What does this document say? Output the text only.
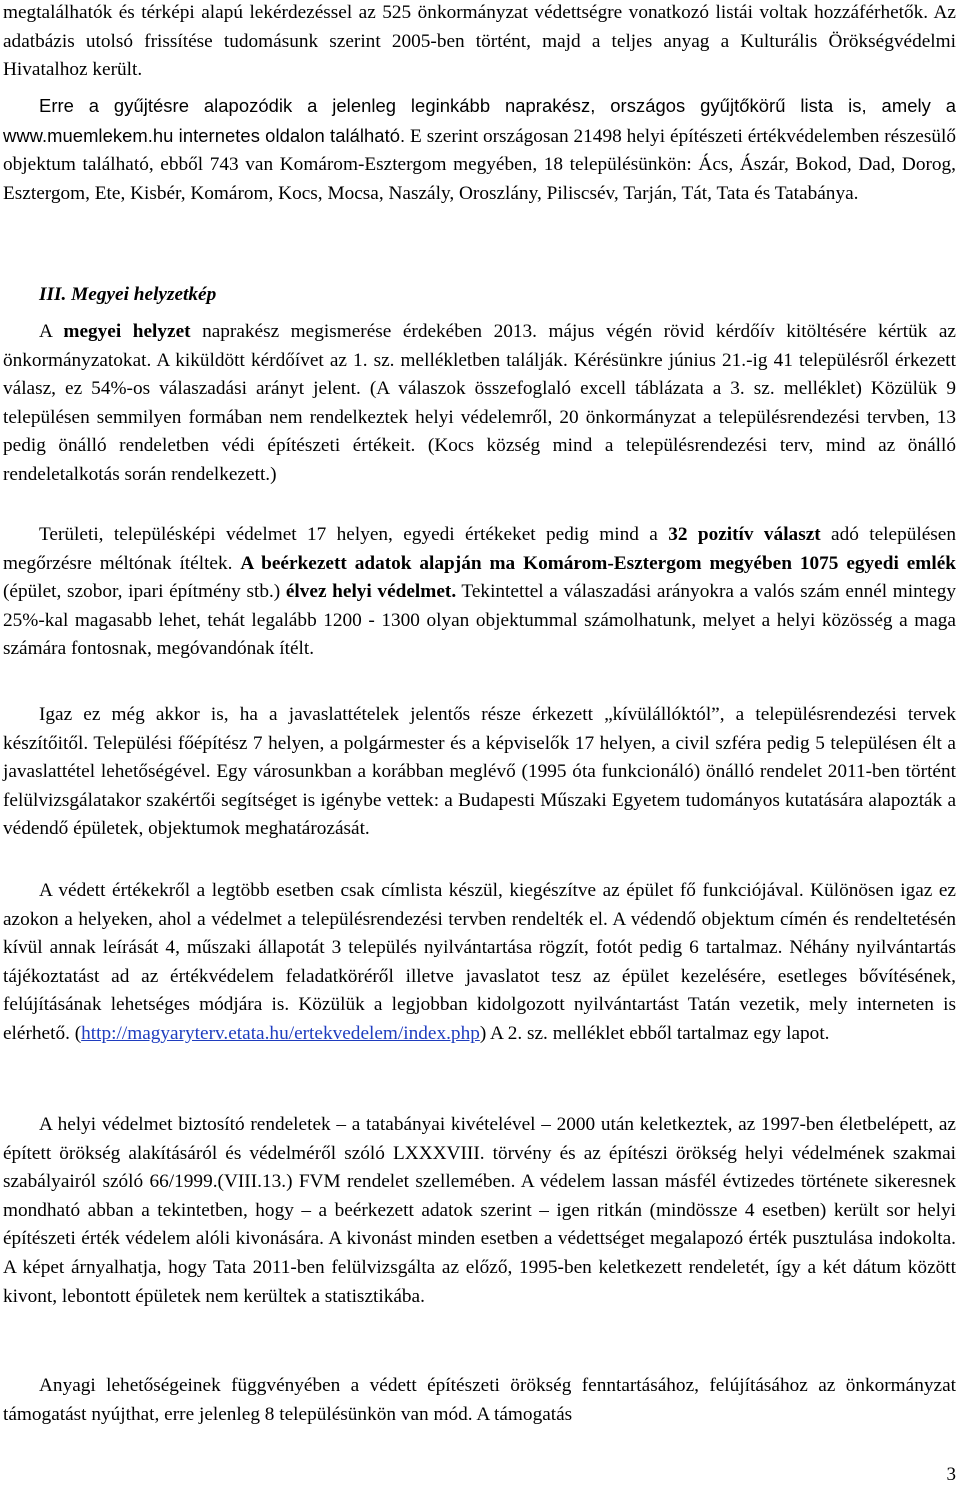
megtalálhatók és térképi alapú lekérdezéssel az 525 önkormányzat védettségre vonatkozó listái voltak hozzáférhetők. Az adatbázis utolsó frissítése tudomásunk szerint 2005-ben történt, majd a teljes anyag a Kulturális Örökségvédelmi Hivatalhoz került.

Erre a gyűjtésre alapozódik a jelenleg leginkább naprakész, országos gyűjtőkörű lista is, amely a www.muemlekem.hu internetes oldalon található. E szerint országosan 21498 helyi építészeti értékvédelemben részesülő objektum található, ebből 743 van Komárom-Esztergom megyében, 18 településünkön: Ács, Ászár, Bokod, Dad, Dorog, Esztergom, Ete, Kisbér, Komárom, Kocs, Mocsa, Naszály, Oroszlány, Piliscsév, Tarján, Tát, Tata és Tatabánya.

III. Megyei helyzetkép

A megyei helyzet naprakész megismerése érdekében 2013. május végén rövid kérdőív kitöltésére kértük az önkormányzatokat. A kiküldött kérdőívet az 1. sz. mellékletben találják. Kérésünkre június 21.-ig 41 településről érkezett válasz, ez 54%-os válaszadási arányt jelent. (A válaszok összefoglaló excell táblázata a 3. sz. melléklet) Közülük 9 településen semmilyen formában nem rendelkeztek helyi védelemről, 20 önkormányzat a településrendezési tervben, 13 pedig önálló rendeletben védi építészeti értékeit. (Kocs község mind a településrendezési terv, mind az önálló rendeletalkotás során rendelkezett.)

Területi, településképi védelmet 17 helyen, egyedi értékeket pedig mind a 32 pozitív választ adó településen megőrzésre méltónak ítéltek. A beérkezett adatok alapján ma Komárom-Esztergom megyében 1075 egyedi emlék (épület, szobor, ipari építmény stb.) élvez helyi védelmet. Tekintettel a válaszadási arányokra a valós szám ennél mintegy 25%-kal magasabb lehet, tehát legalább 1200 - 1300 olyan objektummal számolhatunk, melyet a helyi közösség a maga számára fontosnak, megóvandónak ítélt.

Igaz ez még akkor is, ha a javaslattételek jelentős része érkezett „kívülállóktól”, a településrendezési tervek készítőitől. Települési főépítész 7 helyen, a polgármester és a képviselők 17 helyen, a civil szféra pedig 5 településen élt a javaslattétel lehetőségével. Egy városunkban a korábban meglévő (1995 óta funkcionáló) önálló rendelet 2011-ben történt felülvizsgálatakor szakértői segítséget is igénybe vettek: a Budapesti Műszaki Egyetem tudományos kutatására alapozták a védendő épületek, objektumok meghatározását.

A védett értékekről a legtöbb esetben csak címlista készül, kiegészítve az épület fő funkciójával. Különösen igaz ez azokon a helyeken, ahol a védelmet a településrendezési tervben rendelték el. A védendő objektum címén és rendeltetésén kívül annak leírását 4, műszaki állapotát 3 település nyilvántartása rögzít, fotót pedig 6 tartalmaz. Néhány nyilvántartás tájékoztatást ad az értékvédelem feladatköréről illetve javaslatot tesz az épület kezelésére, esetleges bővítésének, felújításának lehetséges módjára is. Közülük a legjobban kidolgozott nyilvántartást Tatán vezetik, mely interneten is elérhető. (http://magyaryterv.etata.hu/ertekvedelem/index.php) A 2. sz. melléklet ebből tartalmaz egy lapot.

A helyi védelmet biztosító rendeletek – a tatabányai kivételével – 2000 után keletkeztek, az 1997-ben életbelépett, az épített örökség alakításáról és védelméről szóló LXXXVIII. törvény és az építészi örökség helyi védelmének szakmai szabályairól szóló 66/1999.(VIII.13.) FVM rendelet szellemében. A védelem lassan másfél évtizedes története sikeresnek mondható abban a tekintetben, hogy – a beérkezett adatok szerint – igen ritkán (mindössze 4 esetben) került sor helyi építészeti érték védelem alóli kivonására. A kivonást minden esetben a védettséget megalapozó érték pusztulása indokolta. A képet árnyalhatja, hogy Tata 2011-ben felülvizsgálta az előző, 1995-ben keletkezett rendeletét, így a két dátum között kivont, lebontott épületek nem kerültek a statisztikába.

Anyagi lehetőségeinek függvényében a védett építészeti örökség fenntartásához, felújításához az önkormányzat támogatást nyújthat, erre jelenleg 8 településünkön van mód. A támogatás

3
